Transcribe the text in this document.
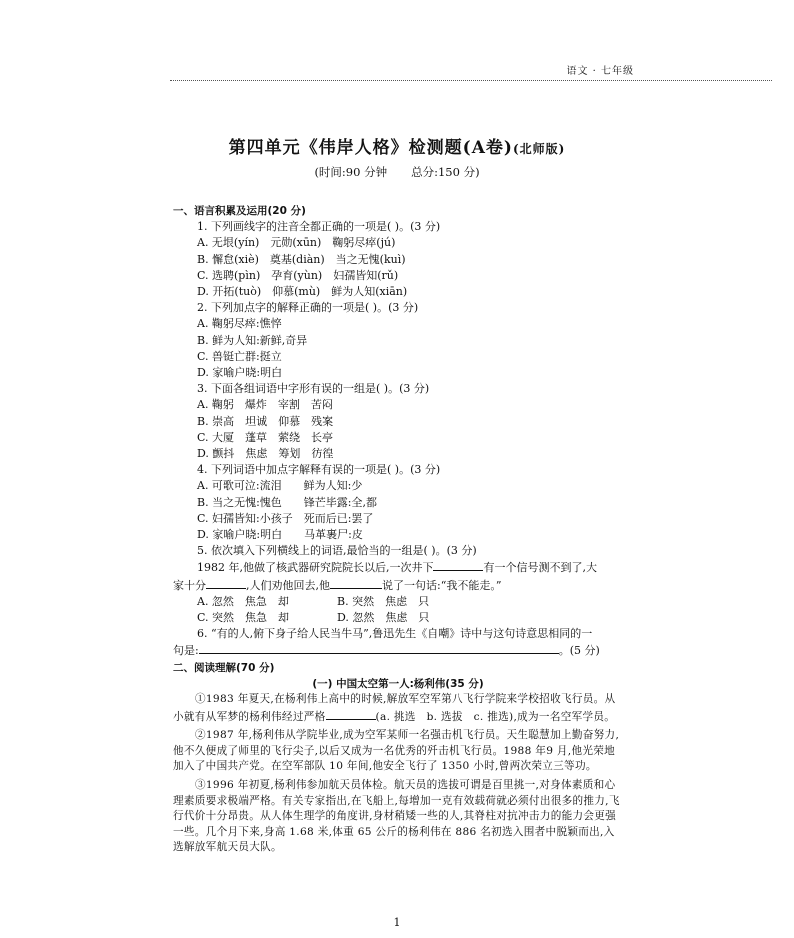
语文 · 七年级
第四单元《伟岸人格》检测题(A卷)(北师版)
(时间:90 分钟 总分:150 分)
一、语言积累及运用(20 分)
1. 下列画线字的注音全都正确的一项是( )。(3 分)
A. 无垠(yín)　元勋(xūn)　鞠躬尽瘁(jú)
B. 懈怠(xiè)　奠基(diàn)　当之无愧(kuì)
C. 选聘(pìn)　孕育(yùn)　妇孺皆知(rǔ)
D. 开拓(tuò)　仰慕(mù)　鲜为人知(xiān)
2. 下列加点字的解释正确的一项是( )。(3 分)
A. 鞠躬尽瘁:憔悴
B. 鲜为人知:新鲜,奇异
C. 兽铤亡群:挺立
D. 家喻户晓:明白
3. 下面各组词语中字形有误的一组是( )。(3 分)
A. 鞠躬　爆炸　宰割　苦闷
B. 崇高　坦诚　仰慕　残案
C. 大厦　蓬草　萦绕　长亭
D. 颤抖　焦虑　筹划　彷徨
4. 下列词语中加点字解释有误的一项是( )。(3 分)
A. 可歌可泣:流泪　　鲜为人知:少
B. 当之无愧:愧色　　锋芒毕露:全,都
C. 妇孺皆知:小孩子　死而后已:罢了
D. 家喻户晓:明白　　马革裹尸:皮
5. 依次填入下列横线上的词语,最恰当的一组是( )。(3 分)
1982 年,他做了核武器研究院院长以后,一次井下	有一个信号测不到了,大
家十分	,人们劝他回去,他	说了一句话:“我不能走。”
A. 忽然　焦急　却	B. 突然　焦虑　只
C. 突然　焦急　却	D. 忽然　焦虑　只
6. “有的人,俯下身子给人民当牛马”,鲁迅先生《自嘲》诗中与这句诗意思相同的一
句是:	。(5 分)
二、阅读理解(70 分)
(一) 中国太空第一人:杨利伟(35 分)

①1983 年夏天,在杨利伟上高中的时候,解放军空军第八飞行学院来学校招收飞行员。从小就有从军梦的杨利伟经过严格	(a. 挑选　b. 选拔　c. 推选),成为一名空军学员。

②1987 年,杨利伟从学院毕业,成为空军某师一名强击机飞行员。天生聪慧加上勤奋努力,他不久便成了师里的飞行尖子,以后又成为一名优秀的歼击机飞行员。1988 年9 月,他光荣地加入了中国共产党。在空军部队 10 年间,他安全飞行了 1350 小时,曾两次荣立三等功。

③1996 年初夏,杨利伟参加航天员体检。航天员的选拔可谓是百里挑一,对身体素质和心理素质要求极端严格。有关专家指出,在飞船上,每增加一克有效载荷就必须付出很多的推力,飞行代价十分昂贵。从人体生理学的角度讲,身材稍矮一些的人,其脊柱对抗冲击力的能力会更强一些。几个月下来,身高 1.68 米,体重 65 公斤的杨利伟在 886 名初选入围者中脱颖而出,入选解放军航天员大队。

1
